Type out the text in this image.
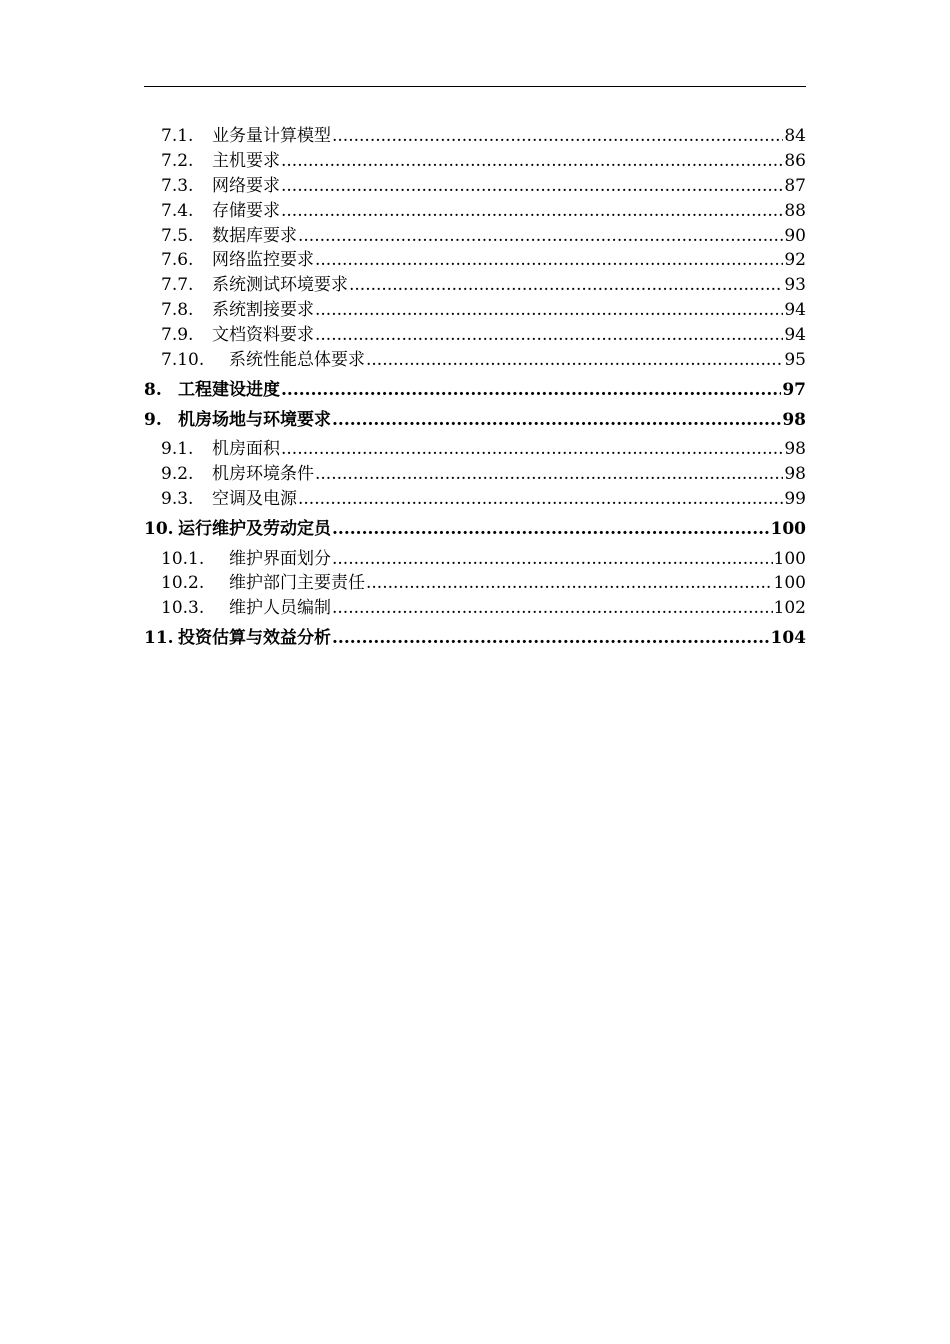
7.1.	业务量计算模型 .....	84
7.2.	主机要求 .....	86
7.3.	网络要求 .....	87
7.4.	存储要求 .....	88
7.5.	数据库要求 .....	90
7.6.	网络监控要求 .....	92
7.7.	系统测试环境要求 .....	93
7.8.	系统割接要求 .....	94
7.9.	文档资料要求 .....	94
7.10.	系统性能总体要求 .....	95
8. 工程建设进度 .....	97
9. 机房场地与环境要求 .....	98
9.1.	机房面积 .....	98
9.2.	机房环境条件 .....	98
9.3.	空调及电源 .....	99
10. 运行维护及劳动定员 .....	100
10.1.	维护界面划分 .....	100
10.2.	维护部门主要责任 .....	100
10.3.	维护人员编制 .....	102
11. 投资估算与效益分析 .....	104
